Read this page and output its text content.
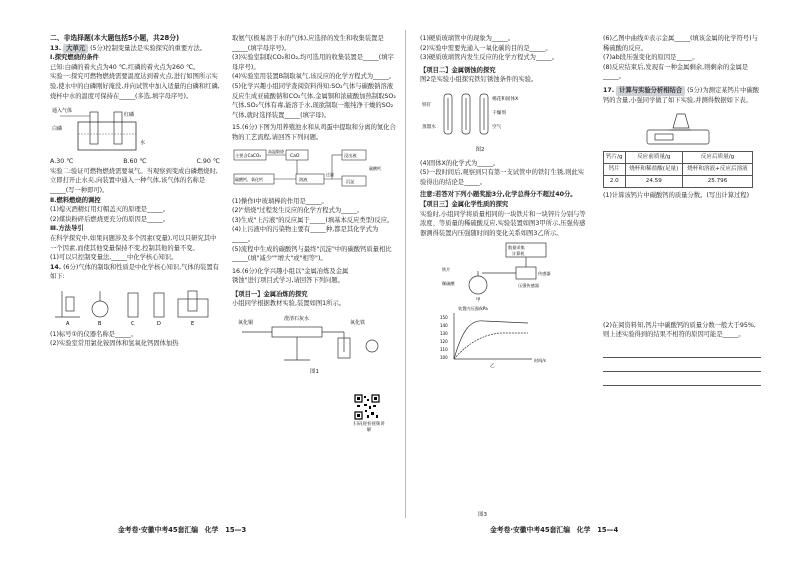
二、非选择题(本大题包括5小题，共28分)
13. 大单元 (5分)控制变量法是实验探究的重要方法。
Ⅰ.探究燃烧的条件
已知:白磷的着火点为40 ℃,红磷的着火点为260 ℃。
实验一:探究可燃物燃烧需要温度达到着火点,进行如图所示实验,使水中的白磷刚好淹没,并向试管中加入适量的白磷和红磷,烧杯中水的温度可保持在_____(多选,填字母序号)。
通入气体
红磷
白磷
水
A.30 ℃	B.60 ℃	C.90 ℃
实验二:验证可燃物燃烧需要氧气。当观察到变成白磷燃烧时,立即打开止水夹,向装置中通入一种气体,该气体的名称是_____(写一种即可)。
Ⅱ.燃料燃烧的调控
(1)熄灭酒精灯用灯帽盖灭的原理是_____。
(2)煤块粉碎后燃烧更充分的原因是_____。
Ⅲ.方法导引
在科学探究中,如果问题涉及多个因素(变量),可以只研究其中一个因素,而使其他变量保持不变,控制其他的量不变。
(1)可以只控制变量法,_____中化学核心知识。
14. (6分)气体的制取和性质是中化学核心知识,气体的装置有如下:
A	B	C	D	E
(1)标号①的仪器名称是_____。
(2)实验室常用氯化铵固体和氢氧化钙固体加热
取氨气(极易溶于水的气体),应选择的发生和收集装置是_____(填字母序号)。
(3)实验室制取CO₂和O₂,均可选用的收集装置是_____(填字母序号)。
(4)实验室用装置B制取氧气,该反应的化学方程式为_____。
(5)化学兴趣小组同学查阅资料得知:SO₂气体与碳酸钠溶液反应生成亚硫酸钠和CO₂气体,金属铜和浓硫酸加热制取SO₂气体,SO₂气体有毒,能溶于水,现欲制取一瓶纯净干燥的SO₂气体,就时选择装置_____(填字母)。
15.(6分)下图为用养殖池水和从鸡蛋中提取和分离的氮化合物的工艺流程,请回答下列问题。
主要含CaCO₃
高温煅烧
CaO
碳酸钙、氧化钙	溶液
过滤
浸出液
沉淀
碳酸钙
(1)操作Ⅰ中玻璃棒的作用是_____。
(2)"焙烧"过程发生反应的化学方程式为_____。
(3)生成"上污液"的反应属于_____(填基本反应类型)反应。
(4)上污液中的污染物主要有_____种,都是其化学式为_____。
(5)流程中生成的碳酸钙与最终"沉淀"中的碳酸钙质量相比_____(填"减少""增大"或"相等")。
16.(6分)化学兴趣小组以"金属冶炼及金属锈蚀"进行项目式学习,请回答下列问题。
【项目一】金属冶炼的探究
小组同学根据教材实验,装置如图1所示。
氧化铜
澄清石灰水
氧化铁
图1
扫码观看视频讲解
(1)硬质玻璃管中的现象为_____。
(2)实验中需要先通入一氧化碳的目的是_____。
(3)硬质玻璃管内发生反应的化学方程式为_____。
【项目二】金属锈蚀的探究
图2是实验小组探究铁钉锈蚀条件的实验。
蒸馏水
铁钉
干燥剂
空气
棉花和固体X
图2
(4)固体X的化学式为_____。
(5)一段时间后,观察到只有第一支试管中的铁钉生锈,则此实验得出的结论是_____。
注意:若答对下列小题奖励3分,化学总得分不超过40分。
【项目三】金属化学性质的探究
实验时,小组同学将质量相同的一块铁片和一块锌片分别与等浓度、等质量的稀硫酸反应,实验装置如图3甲所示,压强传感器测得装置内压强随时间的变化关系如图3乙所示。
数据采集
计算机
传感器
铁片
稀硫酸	压强传感器
甲
装置内压强/kPa
时间/s
150
140
130
120
110
100
乙
图3
(6)乙图中曲线①表示金属_____(填该金属的化学符号)与稀硫酸的反应。
(7)ab段压强变化的原因是_____。
(8)反应结束后,发现有一种金属剩余,则剩余的金属是_____。
17. 计算与实验分析相结合 (5分)为测定某钙片中碳酸钙的含量,小强同学做了如下实验,并测得数据如下表。
钙片/g	反应前质量/g	反应后质量/g
钙片	烧杯和稀盐酸(足量)	烧杯和溶液+反应后溶液
2.0	24.59	25.796
(1)计算该钙片中碳酸钙的质量分数。(写出计算过程)
(2)在阅资料知,钙片中碳酸钙的质量分数一般大于95%,则上述实验得到的结果不相符的原因可能是_____。
金考卷·安徽中考45套汇编　化学　15—3	金考卷·安徽中考45套汇编　化学　15—4
